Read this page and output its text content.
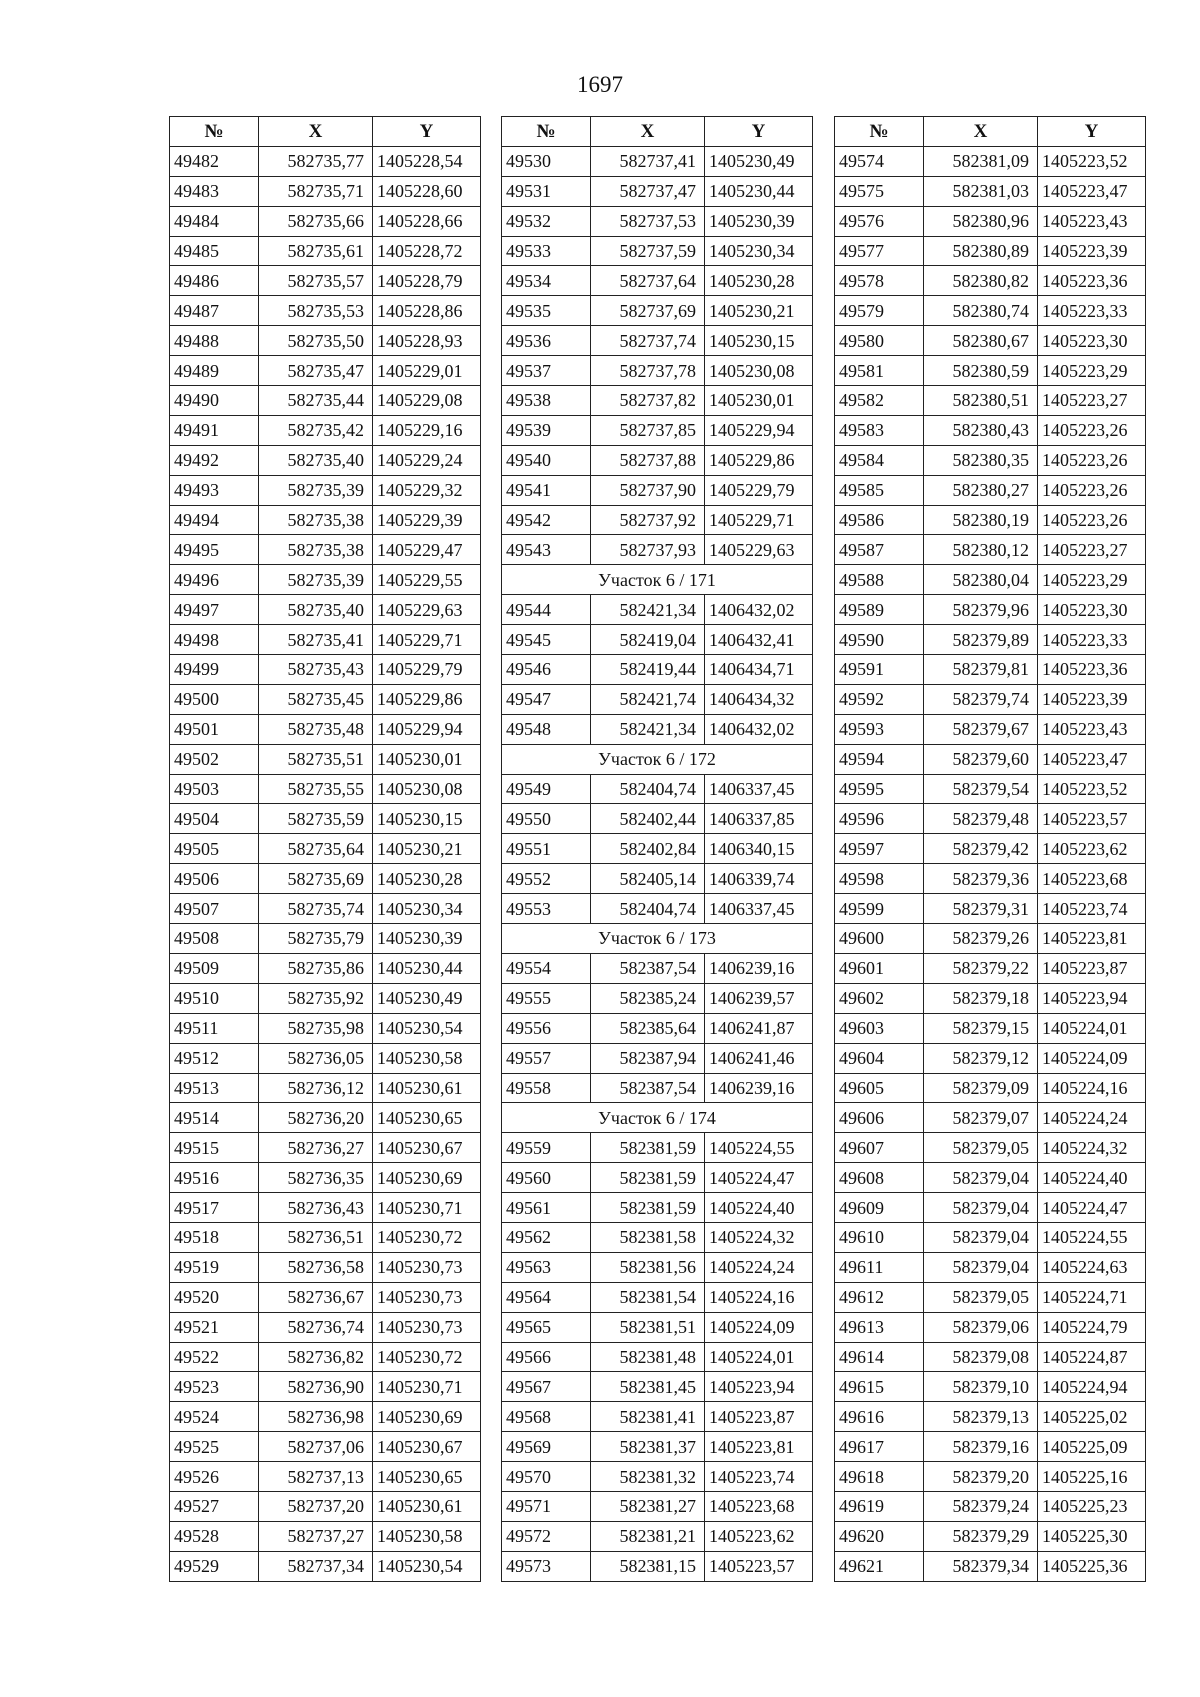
1697
№	X	Y
49482	582735,77	1405228,54
49483	582735,71	1405228,60
49484	582735,66	1405228,66
49485	582735,61	1405228,72
49486	582735,57	1405228,79
49487	582735,53	1405228,86
49488	582735,50	1405228,93
49489	582735,47	1405229,01
49490	582735,44	1405229,08
49491	582735,42	1405229,16
49492	582735,40	1405229,24
49493	582735,39	1405229,32
49494	582735,38	1405229,39
49495	582735,38	1405229,47
49496	582735,39	1405229,55
49497	582735,40	1405229,63
49498	582735,41	1405229,71
49499	582735,43	1405229,79
49500	582735,45	1405229,86
49501	582735,48	1405229,94
49502	582735,51	1405230,01
49503	582735,55	1405230,08
49504	582735,59	1405230,15
49505	582735,64	1405230,21
49506	582735,69	1405230,28
49507	582735,74	1405230,34
49508	582735,79	1405230,39
49509	582735,86	1405230,44
49510	582735,92	1405230,49
49511	582735,98	1405230,54
49512	582736,05	1405230,58
49513	582736,12	1405230,61
49514	582736,20	1405230,65
49515	582736,27	1405230,67
49516	582736,35	1405230,69
49517	582736,43	1405230,71
49518	582736,51	1405230,72
49519	582736,58	1405230,73
49520	582736,67	1405230,73
49521	582736,74	1405230,73
49522	582736,82	1405230,72
49523	582736,90	1405230,71
49524	582736,98	1405230,69
49525	582737,06	1405230,67
49526	582737,13	1405230,65
49527	582737,20	1405230,61
49528	582737,27	1405230,58
49529	582737,34	1405230,54
№	X	Y
49530	582737,41	1405230,49
49531	582737,47	1405230,44
49532	582737,53	1405230,39
49533	582737,59	1405230,34
49534	582737,64	1405230,28
49535	582737,69	1405230,21
49536	582737,74	1405230,15
49537	582737,78	1405230,08
49538	582737,82	1405230,01
49539	582737,85	1405229,94
49540	582737,88	1405229,86
49541	582737,90	1405229,79
49542	582737,92	1405229,71
49543	582737,93	1405229,63
Участок 6 / 171		
49544	582421,34	1406432,02
49545	582419,04	1406432,41
49546	582419,44	1406434,71
49547	582421,74	1406434,32
49548	582421,34	1406432,02
Участок 6 / 172		
49549	582404,74	1406337,45
49550	582402,44	1406337,85
49551	582402,84	1406340,15
49552	582405,14	1406339,74
49553	582404,74	1406337,45
Участок 6 / 173		
49554	582387,54	1406239,16
49555	582385,24	1406239,57
49556	582385,64	1406241,87
49557	582387,94	1406241,46
49558	582387,54	1406239,16
Участок 6 / 174		
49559	582381,59	1405224,55
49560	582381,59	1405224,47
49561	582381,59	1405224,40
49562	582381,58	1405224,32
49563	582381,56	1405224,24
49564	582381,54	1405224,16
49565	582381,51	1405224,09
49566	582381,48	1405224,01
49567	582381,45	1405223,94
49568	582381,41	1405223,87
49569	582381,37	1405223,81
49570	582381,32	1405223,74
49571	582381,27	1405223,68
49572	582381,21	1405223,62
49573	582381,15	1405223,57
№	X	Y
49574	582381,09	1405223,52
49575	582381,03	1405223,47
49576	582380,96	1405223,43
49577	582380,89	1405223,39
49578	582380,82	1405223,36
49579	582380,74	1405223,33
49580	582380,67	1405223,30
49581	582380,59	1405223,29
49582	582380,51	1405223,27
49583	582380,43	1405223,26
49584	582380,35	1405223,26
49585	582380,27	1405223,26
49586	582380,19	1405223,26
49587	582380,12	1405223,27
49588	582380,04	1405223,29
49589	582379,96	1405223,30
49590	582379,89	1405223,33
49591	582379,81	1405223,36
49592	582379,74	1405223,39
49593	582379,67	1405223,43
49594	582379,60	1405223,47
49595	582379,54	1405223,52
49596	582379,48	1405223,57
49597	582379,42	1405223,62
49598	582379,36	1405223,68
49599	582379,31	1405223,74
49600	582379,26	1405223,81
49601	582379,22	1405223,87
49602	582379,18	1405223,94
49603	582379,15	1405224,01
49604	582379,12	1405224,09
49605	582379,09	1405224,16
49606	582379,07	1405224,24
49607	582379,05	1405224,32
49608	582379,04	1405224,40
49609	582379,04	1405224,47
49610	582379,04	1405224,55
49611	582379,04	1405224,63
49612	582379,05	1405224,71
49613	582379,06	1405224,79
49614	582379,08	1405224,87
49615	582379,10	1405224,94
49616	582379,13	1405225,02
49617	582379,16	1405225,09
49618	582379,20	1405225,16
49619	582379,24	1405225,23
49620	582379,29	1405225,30
49621	582379,34	1405225,36
